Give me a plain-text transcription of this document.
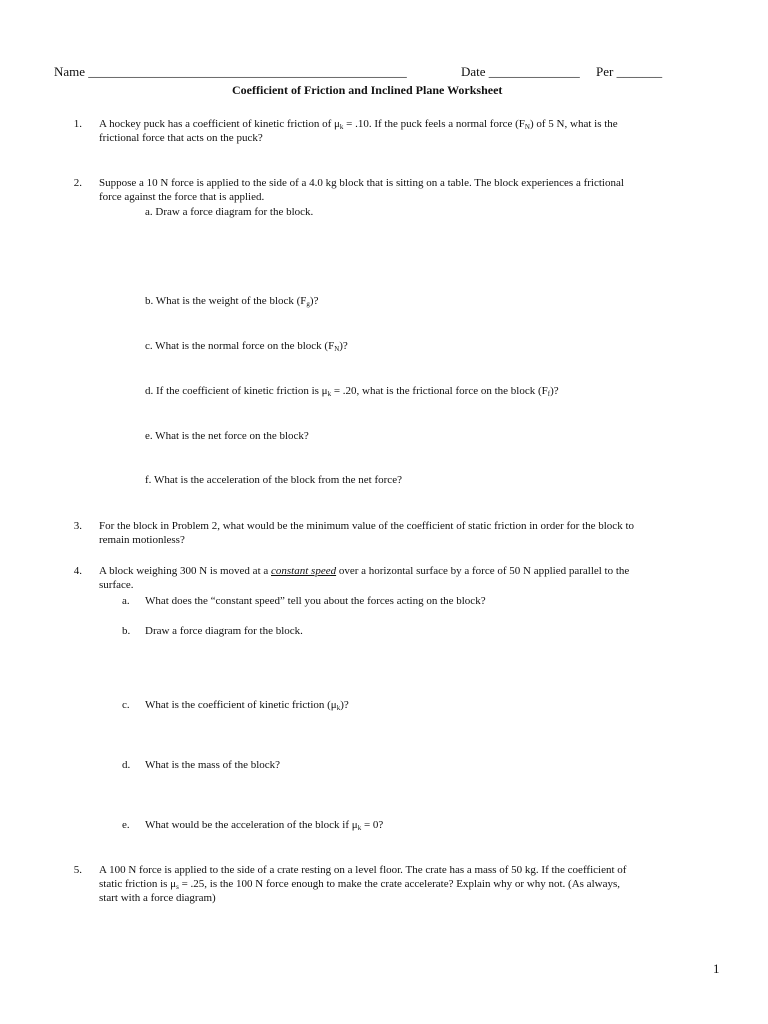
Name _________________________________________________	Date ______________ Per _______
Coefficient of Friction and Inclined Plane Worksheet
1. A hockey puck has a coefficient of kinetic friction of $\mu_k = .10$. If the puck feels a normal force $(F_N)$ of 5 N, what is the
frictional force that acts on the puck?
2. Suppose a 10 N force is applied to the side of a 4.0 kg block that is sitting on a table. The block experiences a frictional
force against the force that is applied.
a. Draw a force diagram for the block.
b. What is the weight of the block $(F_g)$?
c. What is the normal force on the block $(F_N)$?
d. If the coefficient of kinetic friction is $\mu_k = .20$, what is the frictional force on the block $(F_f)$?
e. What is the net force on the block?
f. What is the acceleration of the block from the net force?
3. For the block in Problem 2, what would be the minimum value of the coefficient of static friction in order for the block to
remain motionless?
4. A block weighing 300 N is moved at a constant speed over a horizontal surface by a force of 50 N applied parallel to the
surface.
a. What does the “constant speed” tell you about the forces acting on the block?
b. Draw a force diagram for the block.
c. What is the coefficient of kinetic friction $(\mu_k)$?
d. What is the mass of the block?
e. What would be the acceleration of the block if $\mu_k = 0$?
5. A 100 N force is applied to the side of a crate resting on a level floor. The crate has a mass of 50 kg. If the coefficient of
static friction is $\mu_s = .25$, is the 100 N force enough to make the crate accelerate? Explain why or why not. (As always,
start with a force diagram)
1
